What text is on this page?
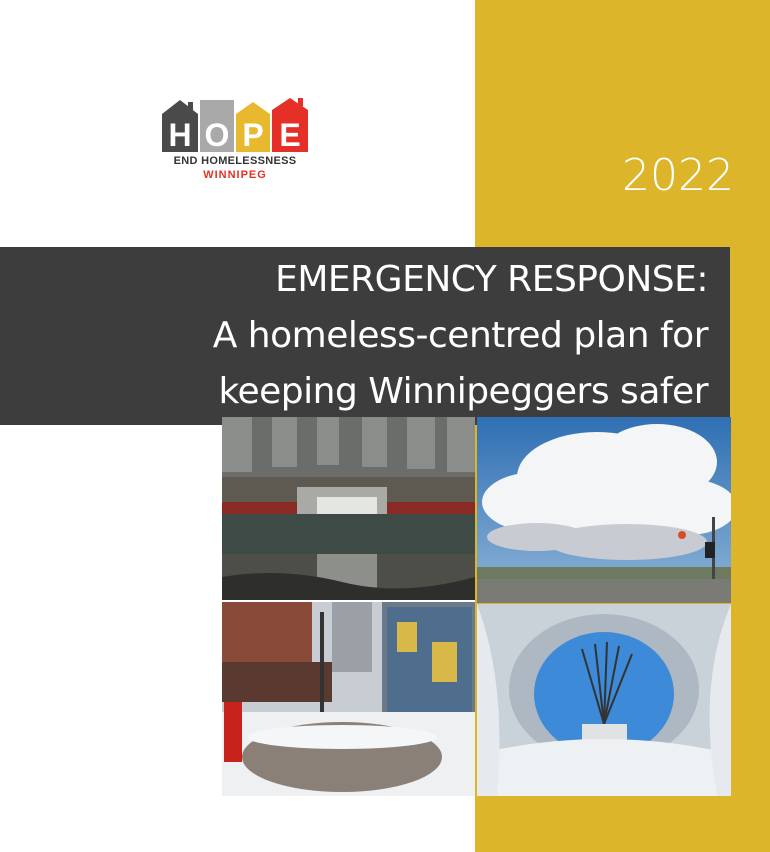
H O P E
END HOMELESSNESS
WINNIPEG	2022
EMERGENCY RESPONSE:
A homeless-centred plan for
keeping Winnipeggers safer
